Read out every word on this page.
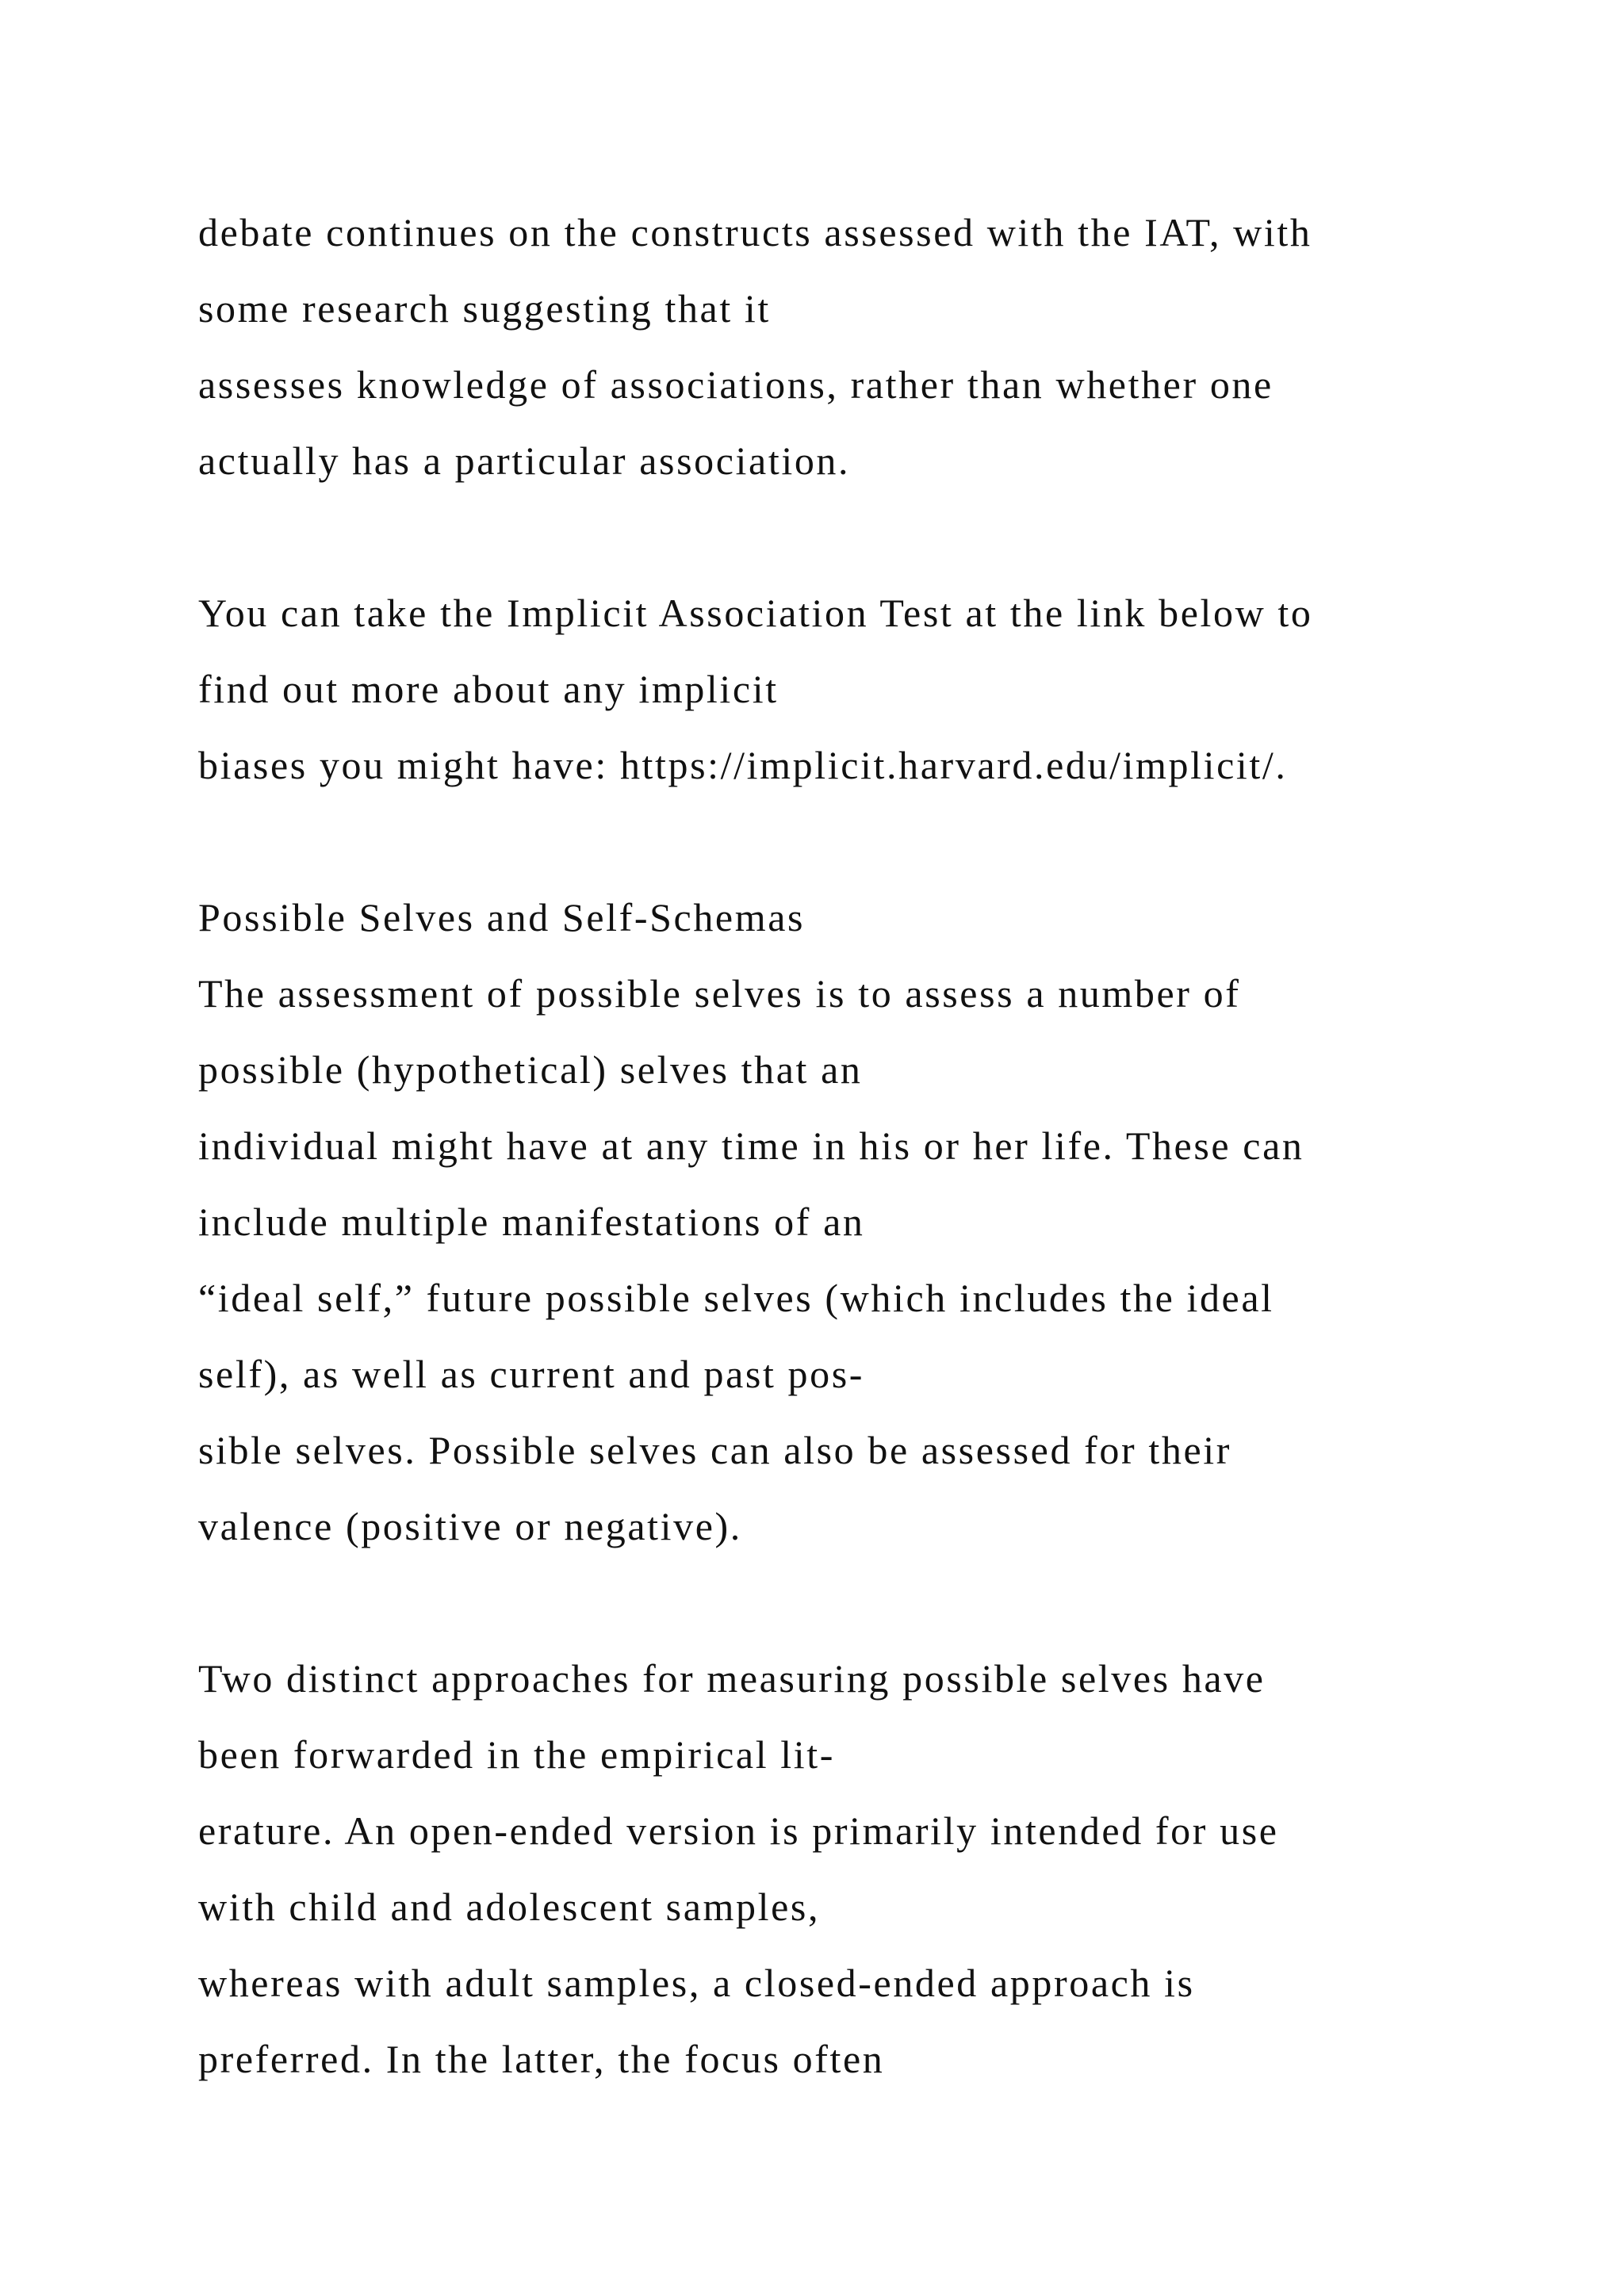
debate continues on the constructs assessed with the IAT, with
some research suggesting that it
assesses knowledge of associations, rather than whether one
actually has a particular association.
You can take the Implicit Association Test at the link below to
find out more about any implicit
biases you might have: https://implicit.harvard.edu/implicit/.
Possible Selves and Self-Schemas
The assessment of possible selves is to assess a number of
possible (hypothetical) selves that an
individual might have at any time in his or her life. These can
include multiple manifestations of an
“ideal self,” future possible selves (which includes the ideal
self), as well as current and past pos-
sible selves. Possible selves can also be assessed for their
valence (positive or negative).
Two distinct approaches for measuring possible selves have
been forwarded in the empirical lit-
erature. An open-ended version is primarily intended for use
with child and adolescent samples,
whereas with adult samples, a closed-ended approach is
preferred. In the latter, the focus often
